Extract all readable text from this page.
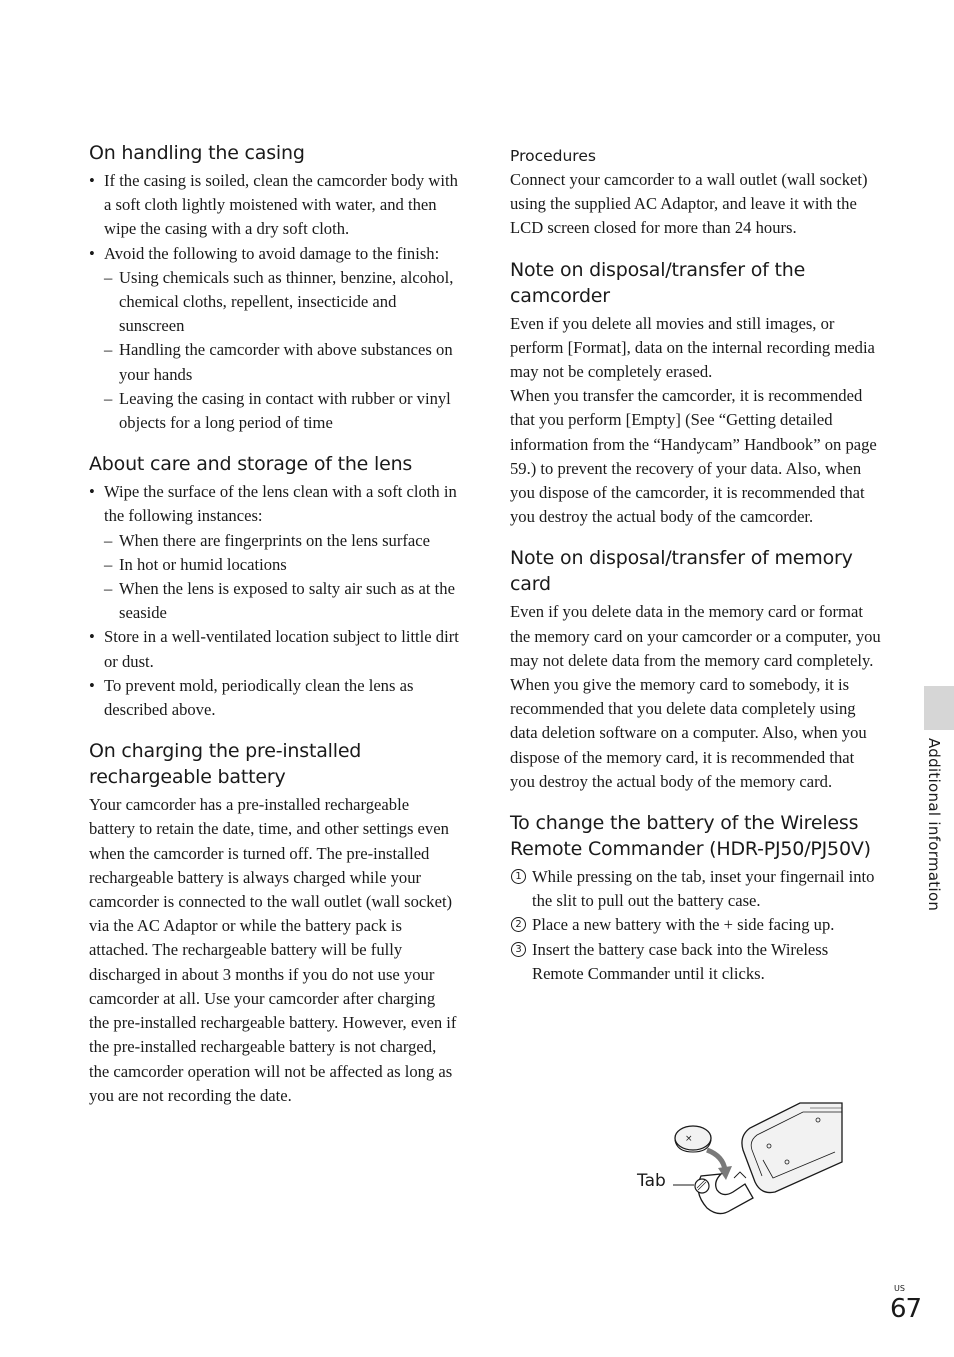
On handling the casing
• If the casing is soiled, clean the camcorder body with a soft cloth lightly moistened with water, and then wipe the casing with a dry soft cloth.
• Avoid the following to avoid damage to the finish:
– Using chemicals such as thinner, benzine, alcohol, chemical cloths, repellent, insecticide and sunscreen
– Handling the camcorder with above substances on your hands
– Leaving the casing in contact with rubber or vinyl objects for a long period of time
About care and storage of the lens
• Wipe the surface of the lens clean with a soft cloth in the following instances:
– When there are fingerprints on the lens surface
– In hot or humid locations
– When the lens is exposed to salty air such as at the seaside
• Store in a well-ventilated location subject to little dirt or dust.
• To prevent mold, periodically clean the lens as described above.
On charging the pre-installed rechargeable battery

Your camcorder has a pre-installed rechargeable battery to retain the date, time, and other settings even when the camcorder is turned off. The pre-installed rechargeable battery is always charged while your camcorder is connected to the wall outlet (wall socket) via the AC Adaptor or while the battery pack is attached. The rechargeable battery will be fully discharged in about 3 months if you do not use your camcorder at all. Use your camcorder after charging the pre-installed rechargeable battery. However, even if the pre-installed rechargeable battery is not charged, the camcorder operation will not be affected as long as you are not recording the date.

Procedures

Connect your camcorder to a wall outlet (wall socket) using the supplied AC Adaptor, and leave it with the LCD screen closed for more than 24 hours.

Note on disposal/transfer of the camcorder

Even if you delete all movies and still images, or perform [Format], data on the internal recording media may not be completely erased.

When you transfer the camcorder, it is recommended that you perform [Empty] (See “Getting detailed information from the “Handycam” Handbook” on page 59.) to prevent the recovery of your data. Also, when you dispose of the camcorder, it is recommended that you destroy the actual body of the camcorder.

Note on disposal/transfer of memory card

Even if you delete data in the memory card or format the memory card on your camcorder or a computer, you may not delete data from the memory card completely. When you give the memory card to somebody, it is recommended that you delete data completely using data deletion software on a computer. Also, when you dispose of the memory card, it is recommended that you destroy the actual body of the memory card.

To change the battery of the Wireless Remote Commander (HDR-PJ50/PJ50V)
1 While pressing on the tab, inset your fingernail into the slit to pull out the battery case.
2 Place a new battery with the + side facing up.
3 Insert the battery case back into the Wireless Remote Commander until it clicks.
Tab
×
Additional information
US
67
